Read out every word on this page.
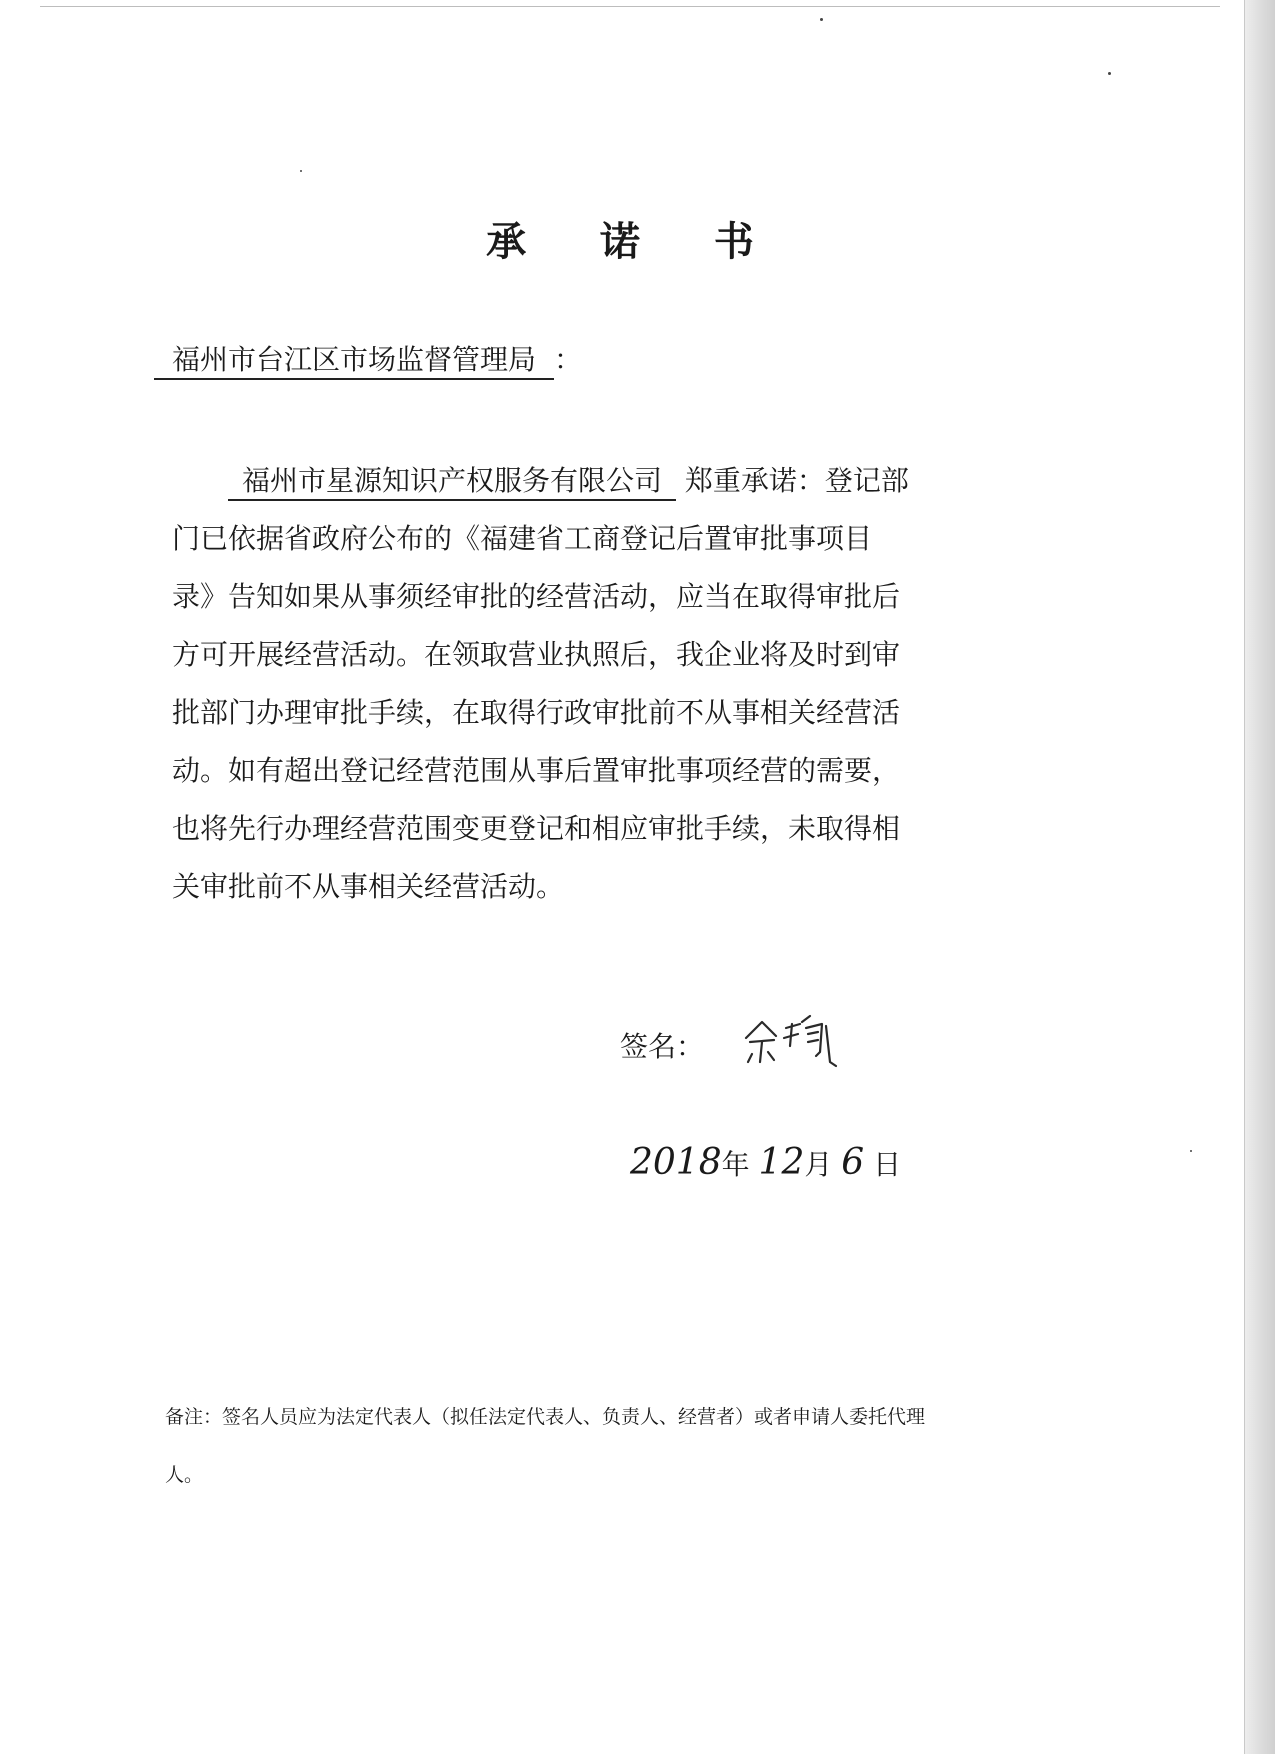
承 诺 书
福州市台江区市场监督管理局 ：
福州市星源知识产权服务有限公司 郑重承诺：登记部
门已依据省政府公布的《福建省工商登记后置审批事项目
录》告知如果从事须经审批的经营活动，应当在取得审批后
方可开展经营活动。在领取营业执照后，我企业将及时到审
批部门办理审批手续，在取得行政审批前不从事相关经营活
动。如有超出登记经营范围从事后置审批事项经营的需要，
也将先行办理经营范围变更登记和相应审批手续，未取得相
关审批前不从事相关经营活动。
签名：
2018年 12月 6 日
备注：签名人员应为法定代表人（拟任法定代表人、负责人、经营者）或者申请人委托代理
人。
